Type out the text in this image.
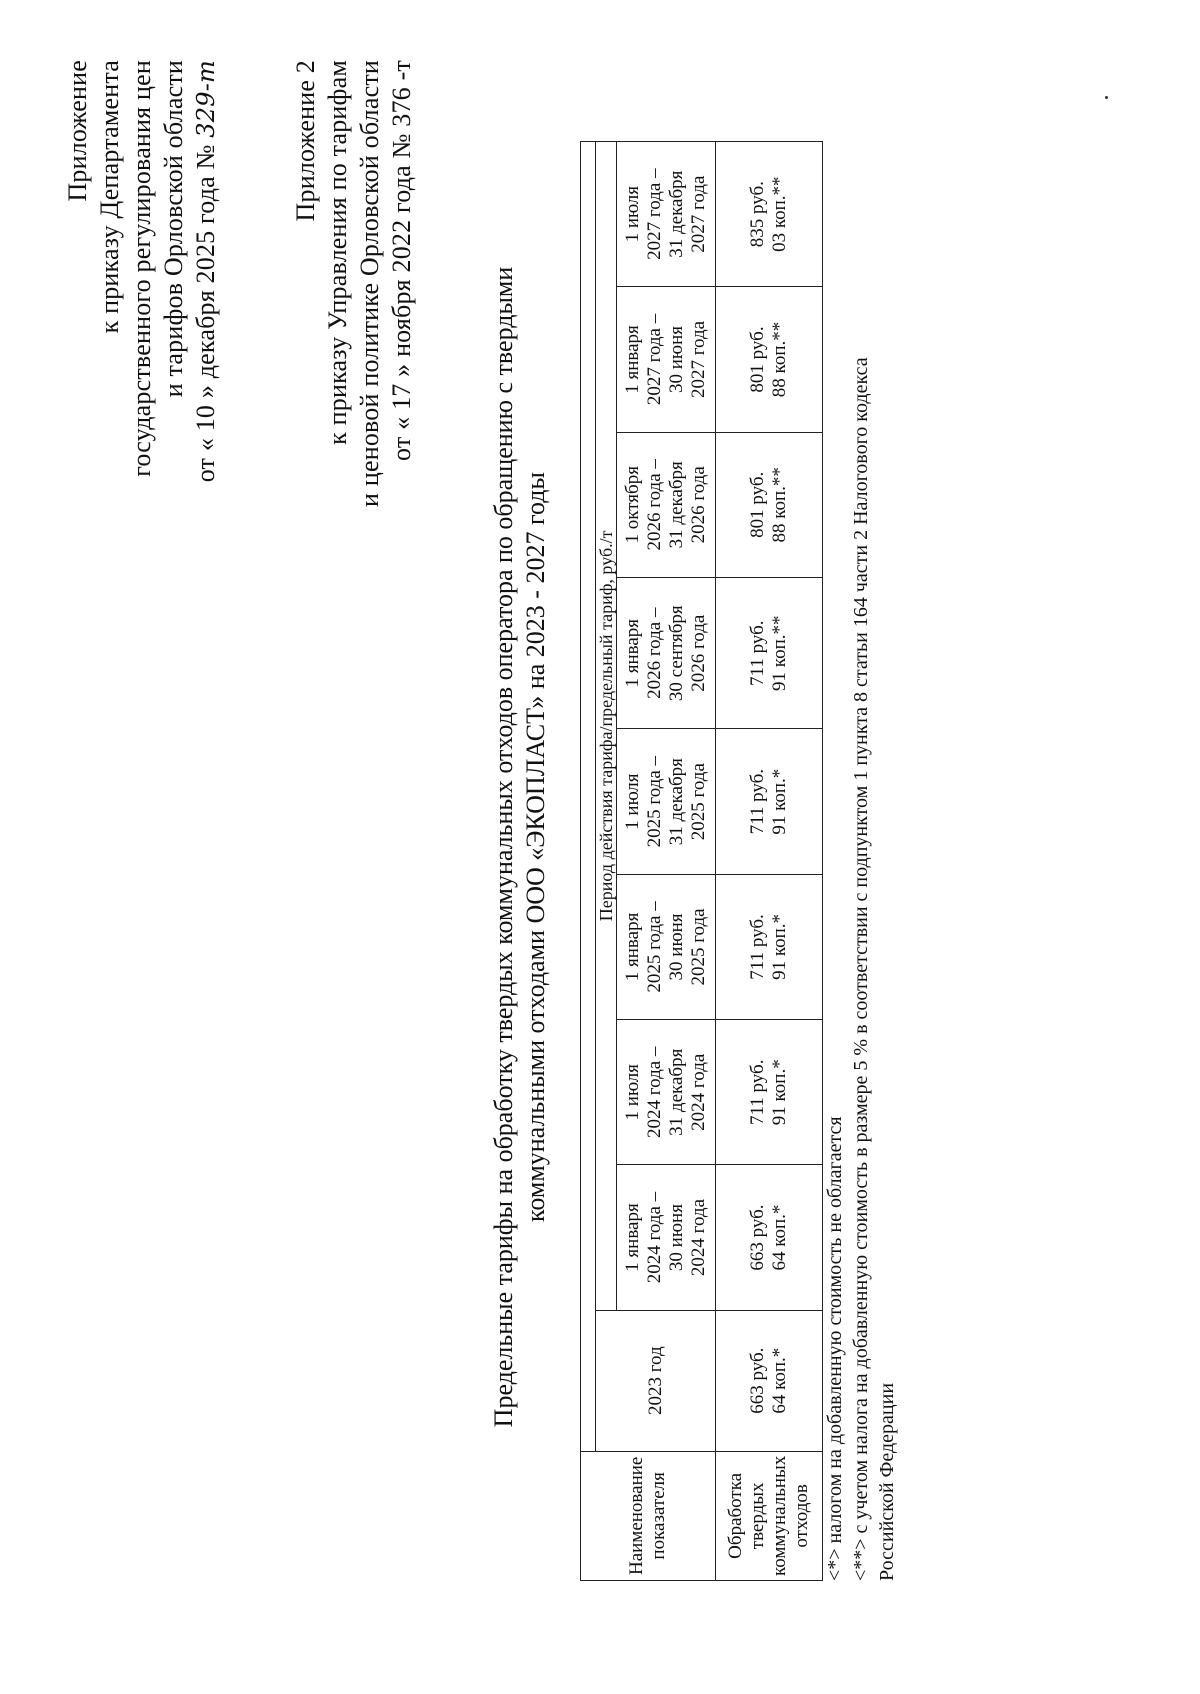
Приложение к приказу Департамента государственного регулирования цен и тарифов Орловской области от « 10 » декабря 2025 года № 329-т	Приложение 2 к приказу Управления по тарифам и ценовой политике Орловской области от « 17 » ноября 2022 года № 376 -т
Предельные тарифы на обработку твердых коммунальных отходов оператора по обращению с твердыми коммунальными отходами ООО «ЭКОПЛАСТ» на 2023 - 2027 годы
Наименование показателя									

	2023 год	Период действия тарифа/предельный тариф, руб./т							

		1 января 2024 года – 30 июня 2024 года	1 июля 2024 года – 31 декабря 2024 года	1 января 2025 года – 30 июня 2025 года	1 июля 2025 года – 31 декабря 2025 года	1 января 2026 года – 30 сентября 2026 года	1 октября 2026 года – 31 декабря 2026 года	1 января 2027 года – 30 июня 2027 года	1 июля 2027 года – 31 декабря 2027 года

Обработка твердых коммунальных отходов	663 руб. 64 коп.*	663 руб. 64 коп.*	711 руб. 91 коп.*	711 руб. 91 коп.*	711 руб. 91 коп.*	711 руб. 91 коп.**	801 руб. 88 коп.**	801 руб. 88 коп.**	835 руб. 03 коп.**
<*> налогом на добавленную стоимость не облагается <**> с учетом налога на добавленную стоимость в размере 5 % в соответствии с подпунктом 1 пункта 8 статьи 164 части 2 Налогового кодекса Российской Федерации
